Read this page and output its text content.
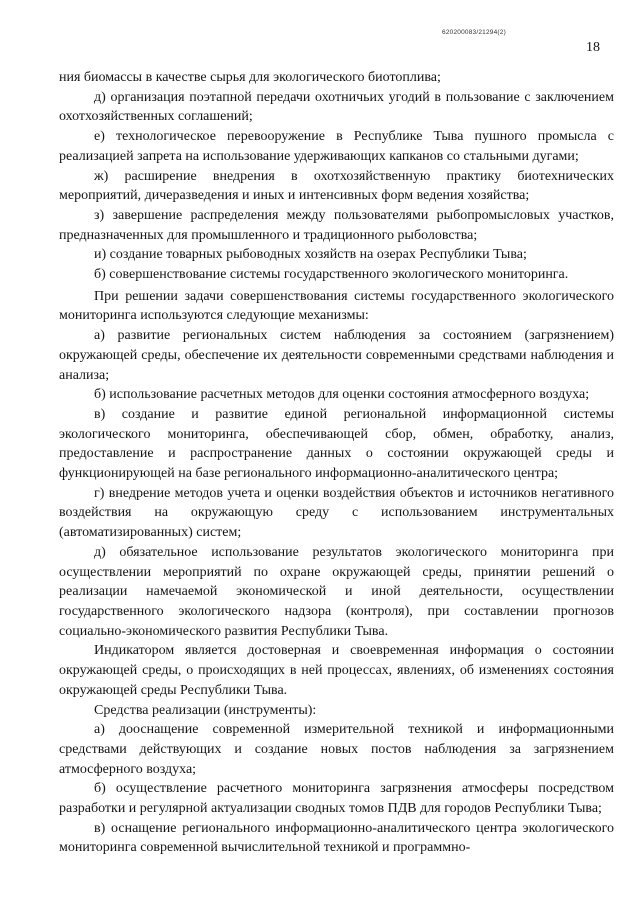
620200083/21294(2)
18

ния биомассы в качестве сырья для экологического биотоплива;

д) организация поэтапной передачи охотничьих угодий в пользование с заключением охотхозяйственных соглашений;

е) технологическое перевооружение в Республике Тыва пушного промысла с реализацией запрета на использование удерживающих капканов со стальными дугами;

ж) расширение внедрения в охотхозяйственную практику биотехнических мероприятий, дичеразведения и иных и интенсивных форм ведения хозяйства;

з) завершение распределения между пользователями рыбопромысловых участков, предназначенных для промышленного и традиционного рыболовства;

и) создание товарных рыбоводных хозяйств на озерах Республики Тыва;

б) совершенствование системы государственного экологического мониторинга.

При решении задачи совершенствования системы государственного экологического мониторинга используются следующие механизмы:

а) развитие региональных систем наблюдения за состоянием (загрязнением) окружающей среды, обеспечение их деятельности современными средствами наблюдения и анализа;

б) использование расчетных методов для оценки состояния атмосферного воздуха;

в) создание и развитие единой региональной информационной системы экологического мониторинга, обеспечивающей сбор, обмен, обработку, анализ, предоставление и распространение данных о состоянии окружающей среды и функционирующей на базе регионального информационно-аналитического центра;

г) внедрение методов учета и оценки воздействия объектов и источников негативного воздействия на окружающую среду с использованием инструментальных (автоматизированных) систем;

д) обязательное использование результатов экологического мониторинга при осуществлении мероприятий по охране окружающей среды, принятии решений о реализации намечаемой экономической и иной деятельности, осуществлении государственного экологического надзора (контроля), при составлении прогнозов социально-экономического развития Республики Тыва.

Индикатором является достоверная и своевременная информация о состоянии окружающей среды, о происходящих в ней процессах, явлениях, об изменениях состояния окружающей среды Республики Тыва.

Средства реализации (инструменты):

а) дооснащение современной измерительной техникой и информационными средствами действующих и создание новых постов наблюдения за загрязнением атмосферного воздуха;

б) осуществление расчетного мониторинга загрязнения атмосферы посредством разработки и регулярной актуализации сводных томов ПДВ для городов Республики Тыва;

в) оснащение регионального информационно-аналитического центра экологического мониторинга современной вычислительной техникой и программно-
